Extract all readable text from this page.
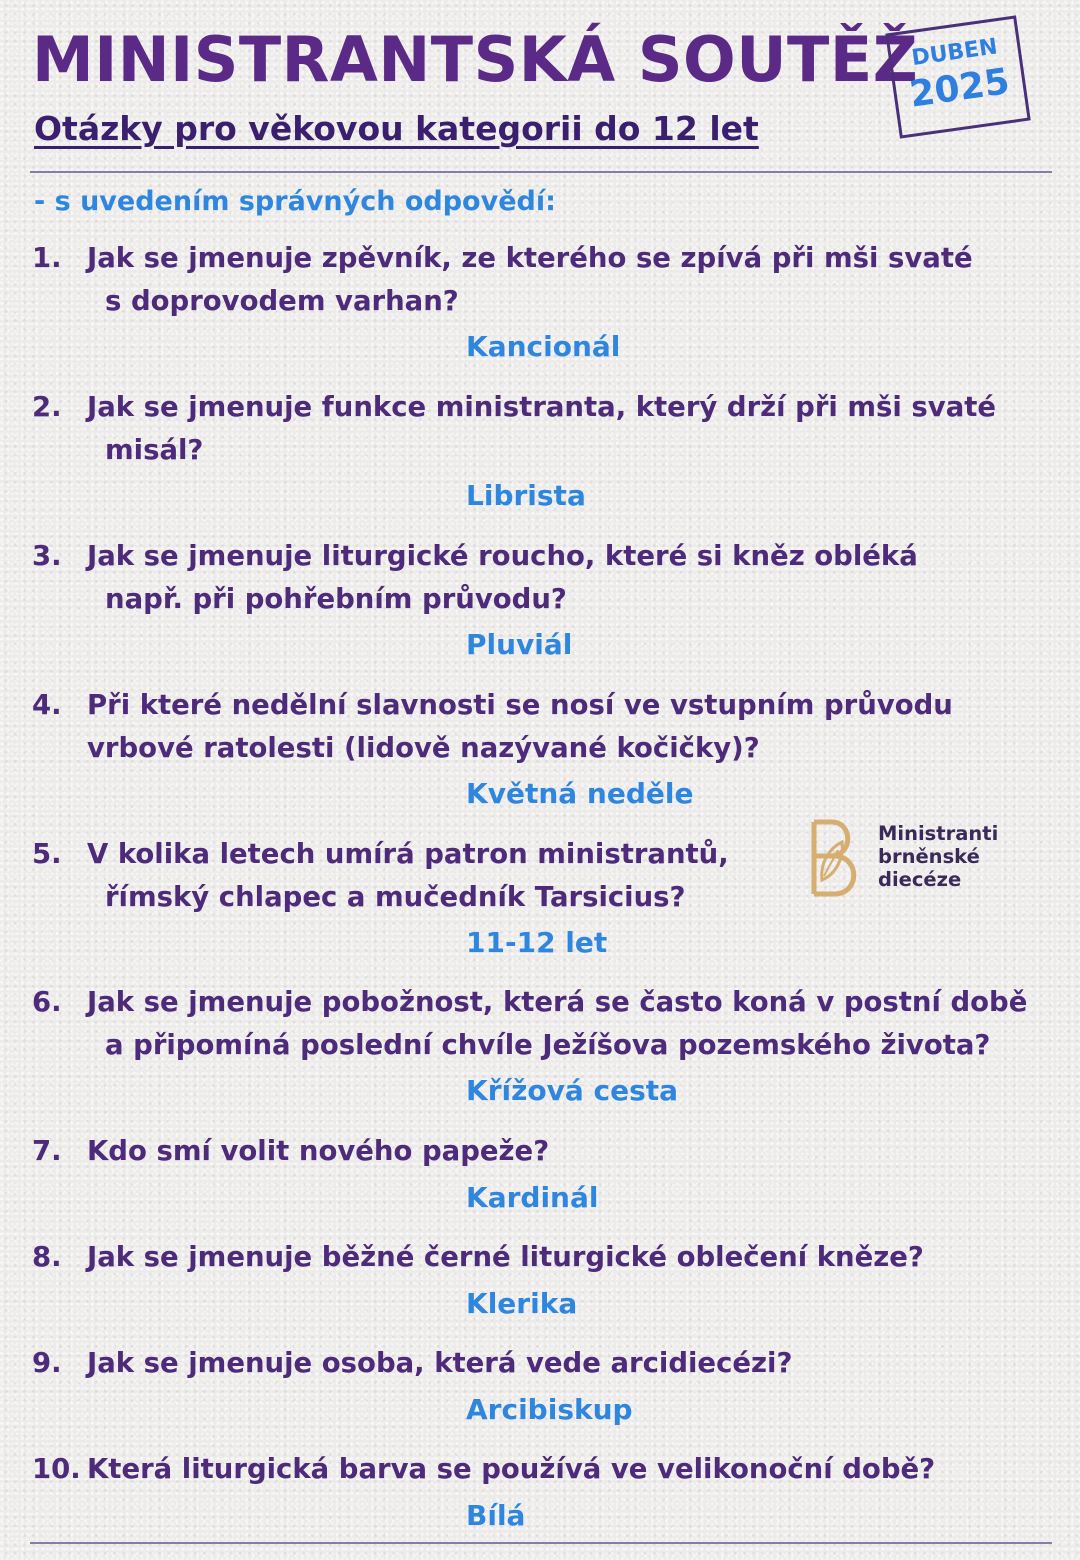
MINISTRANTSKÁ SOUTĚŽ
Otázky pro věkovou kategorii do 12 let
DUBEN
2025
- s uvedením správných odpovědí:
1. Jak se jmenuje zpěvník, ze kterého se zpívá při mši svaté
s doprovodem varhan?
Kancionál
2. Jak se jmenuje funkce ministranta, který drží při mši svaté
misál?
Librista
3. Jak se jmenuje liturgické roucho, které si kněz obléká
např. při pohřebním průvodu?
Pluviál
4. Při které nedělní slavnosti se nosí ve vstupním průvodu
vrbové ratolesti (lidově nazývané kočičky)?
Květná neděle
5. V kolika letech umírá patron ministrantů,
římský chlapec a mučedník Tarsicius?
11-12 let
6. Jak se jmenuje pobožnost, která se často koná v postní době
a připomíná poslední chvíle Ježíšova pozemského života?
Křížová cesta
7. Kdo smí volit nového papeže?
Kardinál
8. Jak se jmenuje běžné černé liturgické oblečení kněze?
Klerika
9. Jak se jmenuje osoba, která vede arcidiecézi?
Arcibiskup
10. Která liturgická barva se používá ve velikonoční době?
Bílá
Ministranti
brněnské
diecéze
